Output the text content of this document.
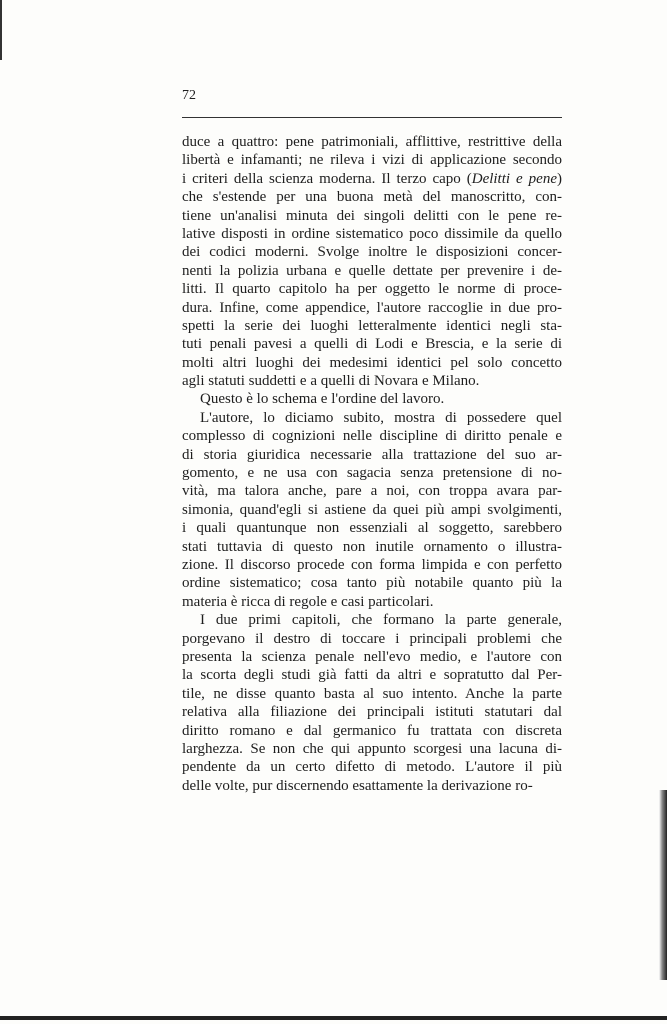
72
duce a quattro: pene patrimoniali, afflittive, restrittive della
libertà e infamanti; ne rileva i vizi di applicazione secondo
i criteri della scienza moderna. Il terzo capo (Delitti e pene)
che s'estende per una buona metà del manoscritto, con-
tiene un'analisi minuta dei singoli delitti con le pene re-
lative disposti in ordine sistematico poco dissimile da quello
dei codici moderni. Svolge inoltre le disposizioni concer-
nenti la polizia urbana e quelle dettate per prevenire i de-
litti. Il quarto capitolo ha per oggetto le norme di proce-
dura. Infine, come appendice, l'autore raccoglie in due pro-
spetti la serie dei luoghi letteralmente identici negli sta-
tuti penali pavesi a quelli di Lodi e Brescia, e la serie di
molti altri luoghi dei medesimi identici pel solo concetto
agli statuti suddetti e a quelli di Novara e Milano.
Questo è lo schema e l'ordine del lavoro.
L'autore, lo diciamo subito, mostra di possedere quel
complesso di cognizioni nelle discipline di diritto penale e
di storia giuridica necessarie alla trattazione del suo ar-
gomento, e ne usa con sagacia senza pretensione di no-
vità, ma talora anche, pare a noi, con troppa avara par-
simonia, quand'egli si astiene da quei più ampi svolgimenti,
i quali quantunque non essenziali al soggetto, sarebbero
stati tuttavia di questo non inutile ornamento o illustra-
zione. Il discorso procede con forma limpida e con perfetto
ordine sistematico; cosa tanto più notabile quanto più la
materia è ricca di regole e casi particolari.
I due primi capitoli, che formano la parte generale,
porgevano il destro di toccare i principali problemi che
presenta la scienza penale nell'evo medio, e l'autore con
la scorta degli studi già fatti da altri e sopratutto dal Per-
tile, ne disse quanto basta al suo intento. Anche la parte
relativa alla filiazione dei principali istituti statutari dal
diritto romano e dal germanico fu trattata con discreta
larghezza. Se non che qui appunto scorgesi una lacuna di-
pendente da un certo difetto di metodo. L'autore il più
delle volte, pur discernendo esattamente la derivazione ro-
